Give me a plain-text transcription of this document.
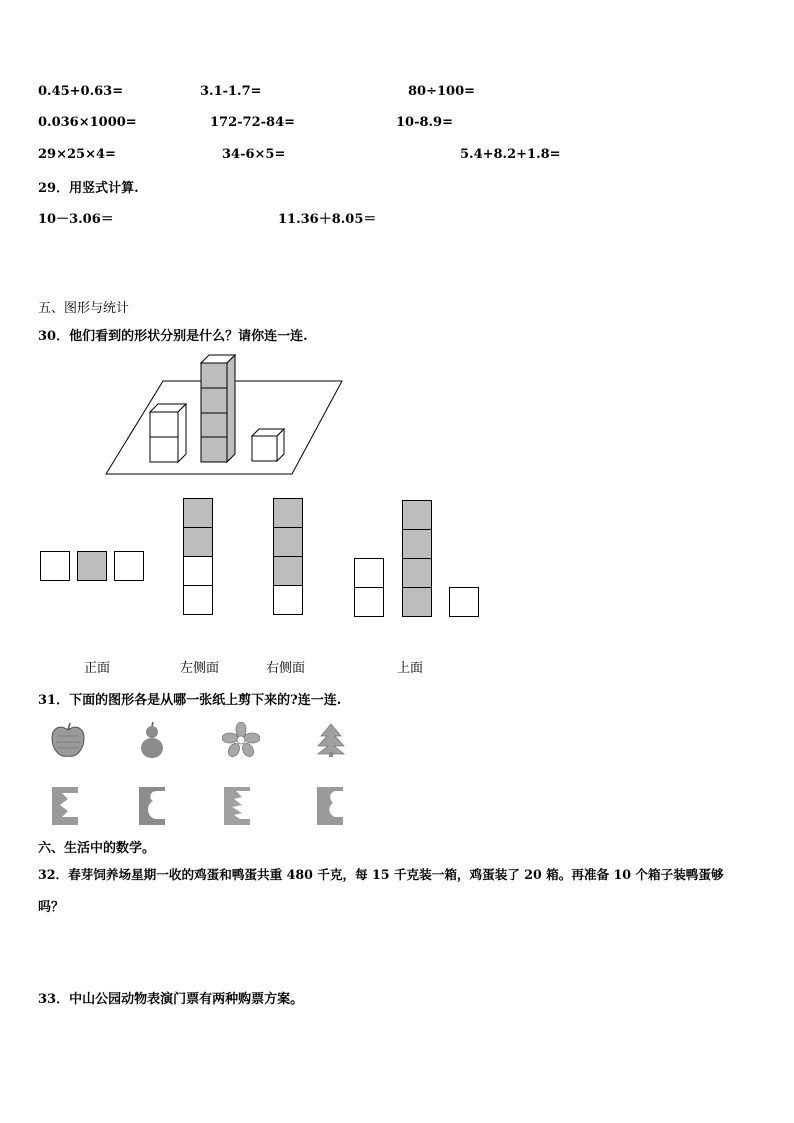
0.45+0.63=	3.1-1.7=	80÷100=
0.036×1000=	172-72-84=	10-8.9=
29×25×4=	34-6×5=	5.4+8.2+1.8=
29．用竖式计算.
10－3.06＝	11.36＋8.05＝
五、图形与统计
30．他们看到的形状分别是什么？请你连一连.
正面	左侧面	右侧面	上面
31．下面的图形各是从哪一张纸上剪下来的?连一连.
六、生活中的数学。
32．春芽饲养场星期一收的鸡蛋和鸭蛋共重 480 千克，每 15 千克装一箱，鸡蛋装了 20 箱。再准备 10 个箱子装鸭蛋够
吗？
33．中山公园动物表演门票有两种购票方案。
